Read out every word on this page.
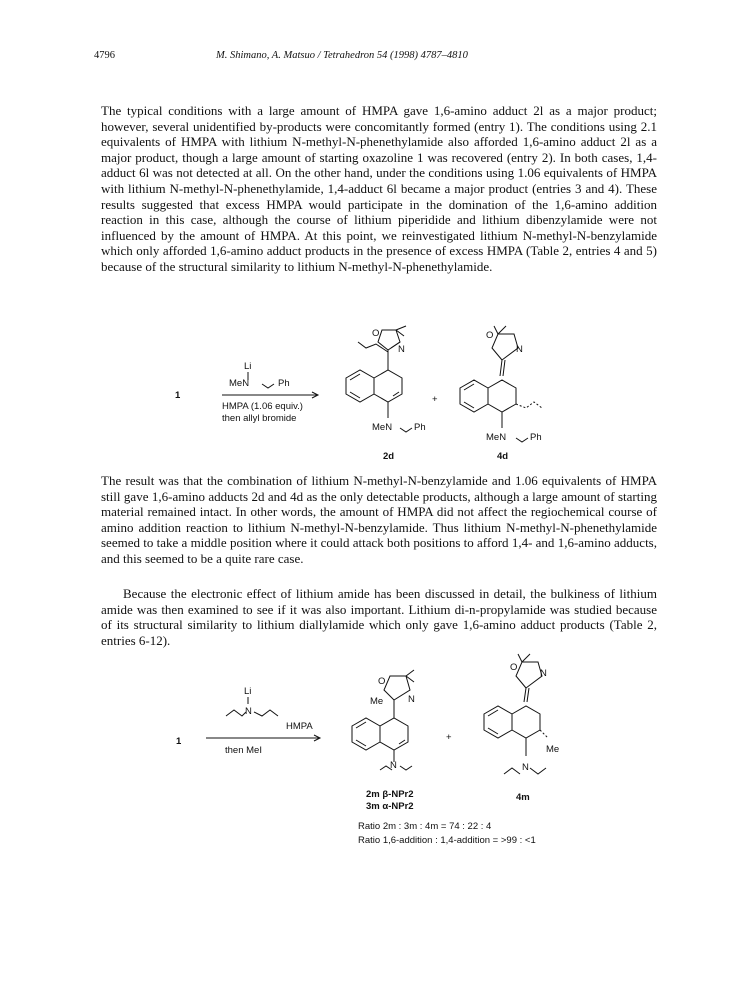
4796	M. Shimano, A. Matsuo / Tetrahedron 54 (1998) 4787–4810

The typical conditions with a large amount of HMPA gave 1,6-amino adduct 2l as a major product; however, several unidentified by-products were concomitantly formed (entry 1). The conditions using 2.1 equivalents of HMPA with lithium N-methyl-N-phenethylamide also afforded 1,6-amino adduct 2l as a major product, though a large amount of starting oxazoline 1 was recovered (entry 2). In both cases, 1,4-adduct 6l was not detected at all. On the other hand, under the conditions using 1.06 equivalents of HMPA with lithium N-methyl-N-phenethylamide, 1,4-adduct 6l became a major product (entries 3 and 4). These results suggested that excess HMPA would participate in the domination of the 1,6-amino addition reaction in this case, although the course of lithium piperidide and lithium dibenzylamide were not influenced by the amount of HMPA. At this point, we reinvestigated lithium N-methyl-N-benzylamide which only afforded 1,6-amino adduct products in the presence of excess HMPA (Table 2, entries 4 and 5) because of the structural similarity to lithium N-methyl-N-phenethylamide.

1
Li
MeN	Ph
HMPA (1.06 equiv.)
then allyl bromide
O
N
+
O
N
MeN Ph
MeN	Ph
2d	4d

The result was that the combination of lithium N-methyl-N-benzylamide and 1.06 equivalents of HMPA still gave 1,6-amino adducts 2d and 4d as the only detectable products, although a large amount of starting material remained intact. In other words, the amount of HMPA did not affect the regiochemical course of amino addition reaction to lithium N-methyl-N-benzylamide. Thus lithium N-methyl-N-phenethylamide seemed to take a middle position where it could attack both positions to afford 1,4- and 1,6-amino adducts, and this seemed to be a quite rare case.

Because the electronic effect of lithium amide has been discussed in detail, the bulkiness of lithium amide was then examined to see if it was also important. Lithium di-n-propylamide was studied because of its structural similarity to lithium diallylamide which only gave 1,6-amino adduct products (Table 2, entries 6-12).

1
Li
N
HMPA
then MeI
Me
O
N
N
+
O
N
Me
N
2m β-NPr2
3m α-NPr2
4m
Ratio 2m : 3m : 4m = 74 : 22 : 4
Ratio 1,6-addition : 1,4-addition = >99 : <1
